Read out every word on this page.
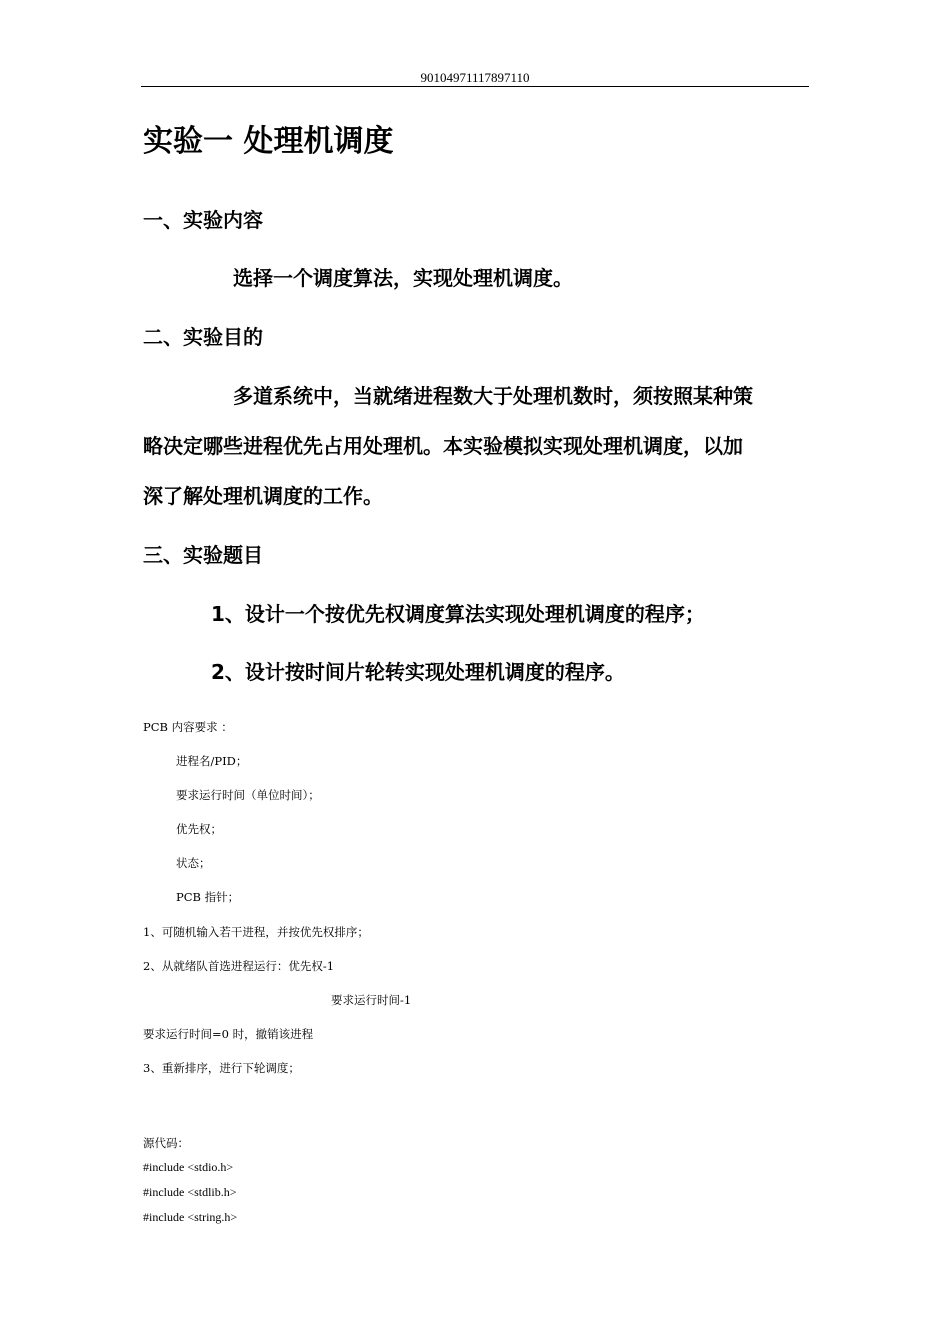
90104971117897110
实验一 处理机调度
一、实验内容
选择一个调度算法，实现处理机调度。
二、实验目的
多道系统中，当就绪进程数大于处理机数时，须按照某种策
略决定哪些进程优先占用处理机。本实验模拟实现处理机调度，以加
深了解处理机调度的工作。
三、实验题目
1、设计一个按优先权调度算法实现处理机调度的程序；
2、设计按时间片轮转实现处理机调度的程序。
PCB 内容要求 ：
进程名/PID；
要求运行时间（单位时间）；
优先权；
状态；
PCB 指针；
1、可随机输入若干进程，并按优先权排序；
2、从就绪队首选进程运行：优先权-1
要求运行时间-1
要求运行时间=0 时，撤销该进程
3、重新排序，进行下轮调度；
源代码：
#include <stdio.h>
#include <stdlib.h>
#include <string.h>
